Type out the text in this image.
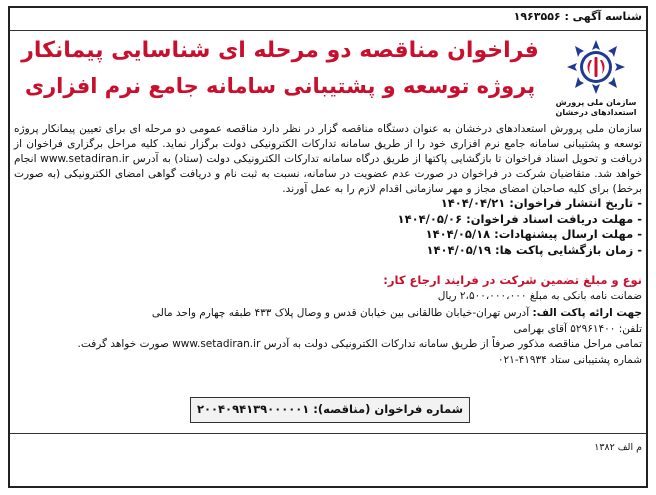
شناسه آگهی : ۱۹۶۳۵۵۶
سازمان ملی پرورش استعدادهای درخشان
فراخوان مناقصه دو مرحله ای شناسایی پیمانکار
پروژه توسعه و پشتیبانی سامانه جامع نرم افزاری
سازمان ملی پرورش استعدادهای درخشان به عنوان دستگاه مناقصه گزار در نظر دارد مناقصه عمومی دو مرحله ای برای تعیین پیمانکار پروژه توسعه و پشتیبانی سامانه جامع نرم افزاری خود را از طریق سامانه تدارکات الکترونیکی دولت برگزار نماید. کلیه مراحل برگزاری فراخوان از دریافت و تحویل اسناد فراخوان تا بازگشایی پاکتها از طریق درگاه سامانه تدارکات الکترونیکی دولت (ستاد) به آدرس www.setadiran.ir انجام خواهد شد. متقاضیان شرکت در فراخوان در صورت عدم عضویت در سامانه، نسبت به ثبت نام و دریافت گواهی امضای الکترونیکی (به صورت برخط) برای کلیه صاحبان امضای مجاز و مهر سازمانی اقدام لازم را به عمل آورند.
- تاریخ انتشار فراخوان: ۱۴۰۴/۰۴/۲۱
- مهلت دریافت اسناد فراخوان: ۱۴۰۴/۰۵/۰۶
- مهلت ارسال پیشنهادات: ۱۴۰۴/۰۵/۱۸
- زمان بازگشایی پاکت ها: ۱۴۰۴/۰۵/۱۹
نوع و مبلغ تضمین شرکت در فرایند ارجاع کار:
ضمانت نامه بانکی به مبلغ ۲،۵۰۰،۰۰۰،۰۰۰ ریال
جهت ارائه پاکت الف: آدرس تهران-خیابان طالقانی بین خیابان قدس و وصال پلاک ۴۳۳ طبقه چهارم واحد مالی
تلفن: ۵۲۹۶۱۴۰۰ آقای بهرامی
تمامی مراحل مناقصه مذکور صرفاً از طریق سامانه تدارکات الکترونیکی دولت به آدرس www.setadiran.ir صورت خواهد گرفت.
شماره پشتیبانی ستاد ۴۱۹۳۴-۰۲۱
شماره فراخوان (مناقصه): ۲۰۰۴۰۹۴۱۳۹۰۰۰۰۰۱
م الف ۱۳۸۲
